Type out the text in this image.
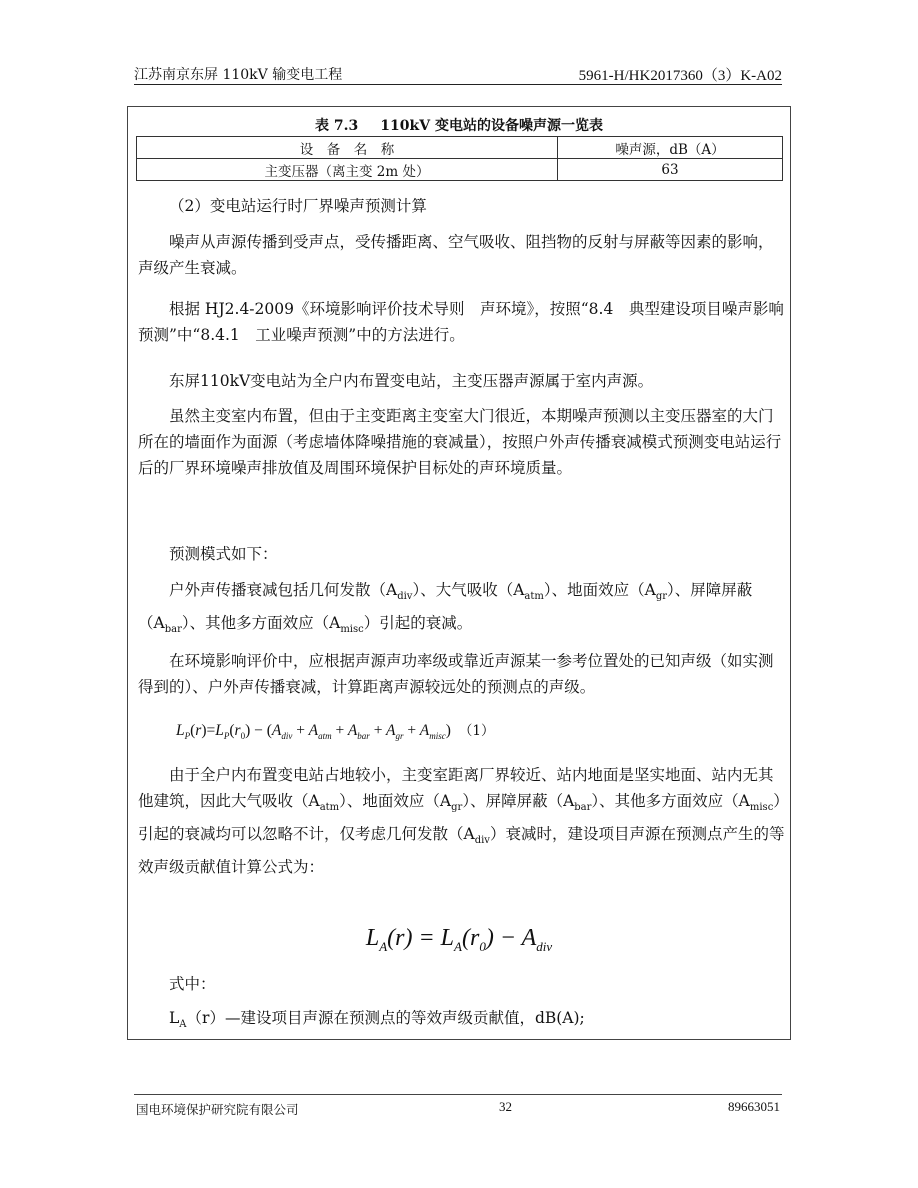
江苏南京东屏 110kV 输变电工程	5961-H/HK2017360（3）K-A02
表 7.3 110kV 变电站的设备噪声源一览表
设　备　名　称	噪声源，dB（A）
主变压器（离主变 2m 处）	63
（2）变电站运行时厂界噪声预测计算
噪声从声源传播到受声点，受传播距离、空气吸收、阻挡物的反射与屏蔽等因素的影响，声级产生衰减。
根据 HJ2.4-2009《环境影响评价技术导则　声环境》，按照“8.4　典型建设项目噪声影响预测”中“8.4.1　工业噪声预测”中的方法进行。
东屏110kV变电站为全户内布置变电站，主变压器声源属于室内声源。
虽然主变室内布置，但由于主变距离主变室大门很近，本期噪声预测以主变压器室的大门所在的墙面作为面源（考虑墙体降噪措施的衰减量），按照户外声传播衰减模式预测变电站运行后的厂界环境噪声排放值及周围环境保护目标处的声环境质量。
预测模式如下：
户外声传播衰减包括几何发散$(A_{div})$、大气吸收$(A_{atm})$、地面效应$(A_{gr})$、屏障屏蔽$(A_{bar})$、其他多方面效应$(A_{misc})$引起的衰减。
在环境影响评价中，应根据声源声功率级或靠近声源某一参考位置处的已知声级（如实测得到的）、户外声传播衰减，计算距离声源较远处的预测点的声级。
$L_P(r)=L_P(r_0) - (A_{div} + A_{atm} + A_{bar} + A_{gr} + A_{misc})$ （1）
由于全户内布置变电站占地较小，主变室距离厂界较近、站内地面是坚实地面、站内无其他建筑，因此大气吸收$(A_{atm})$、地面效应$(A_{gr})$、屏障屏蔽$(A_{bar})$、其他多方面效应$(A_{misc})$引起的衰减均可以忽略不计，仅考虑几何发散$(A_{div})$衰减时，建设项目声源在预测点产生的等效声级贡献值计算公式为：
$L_A(r) = L_A(r_0) - A_{div}$
式中：
$L_A(r)—$建设项目声源在预测点的等效声级贡献值，dB(A);
国电环境保护研究院有限公司	32	89663051
